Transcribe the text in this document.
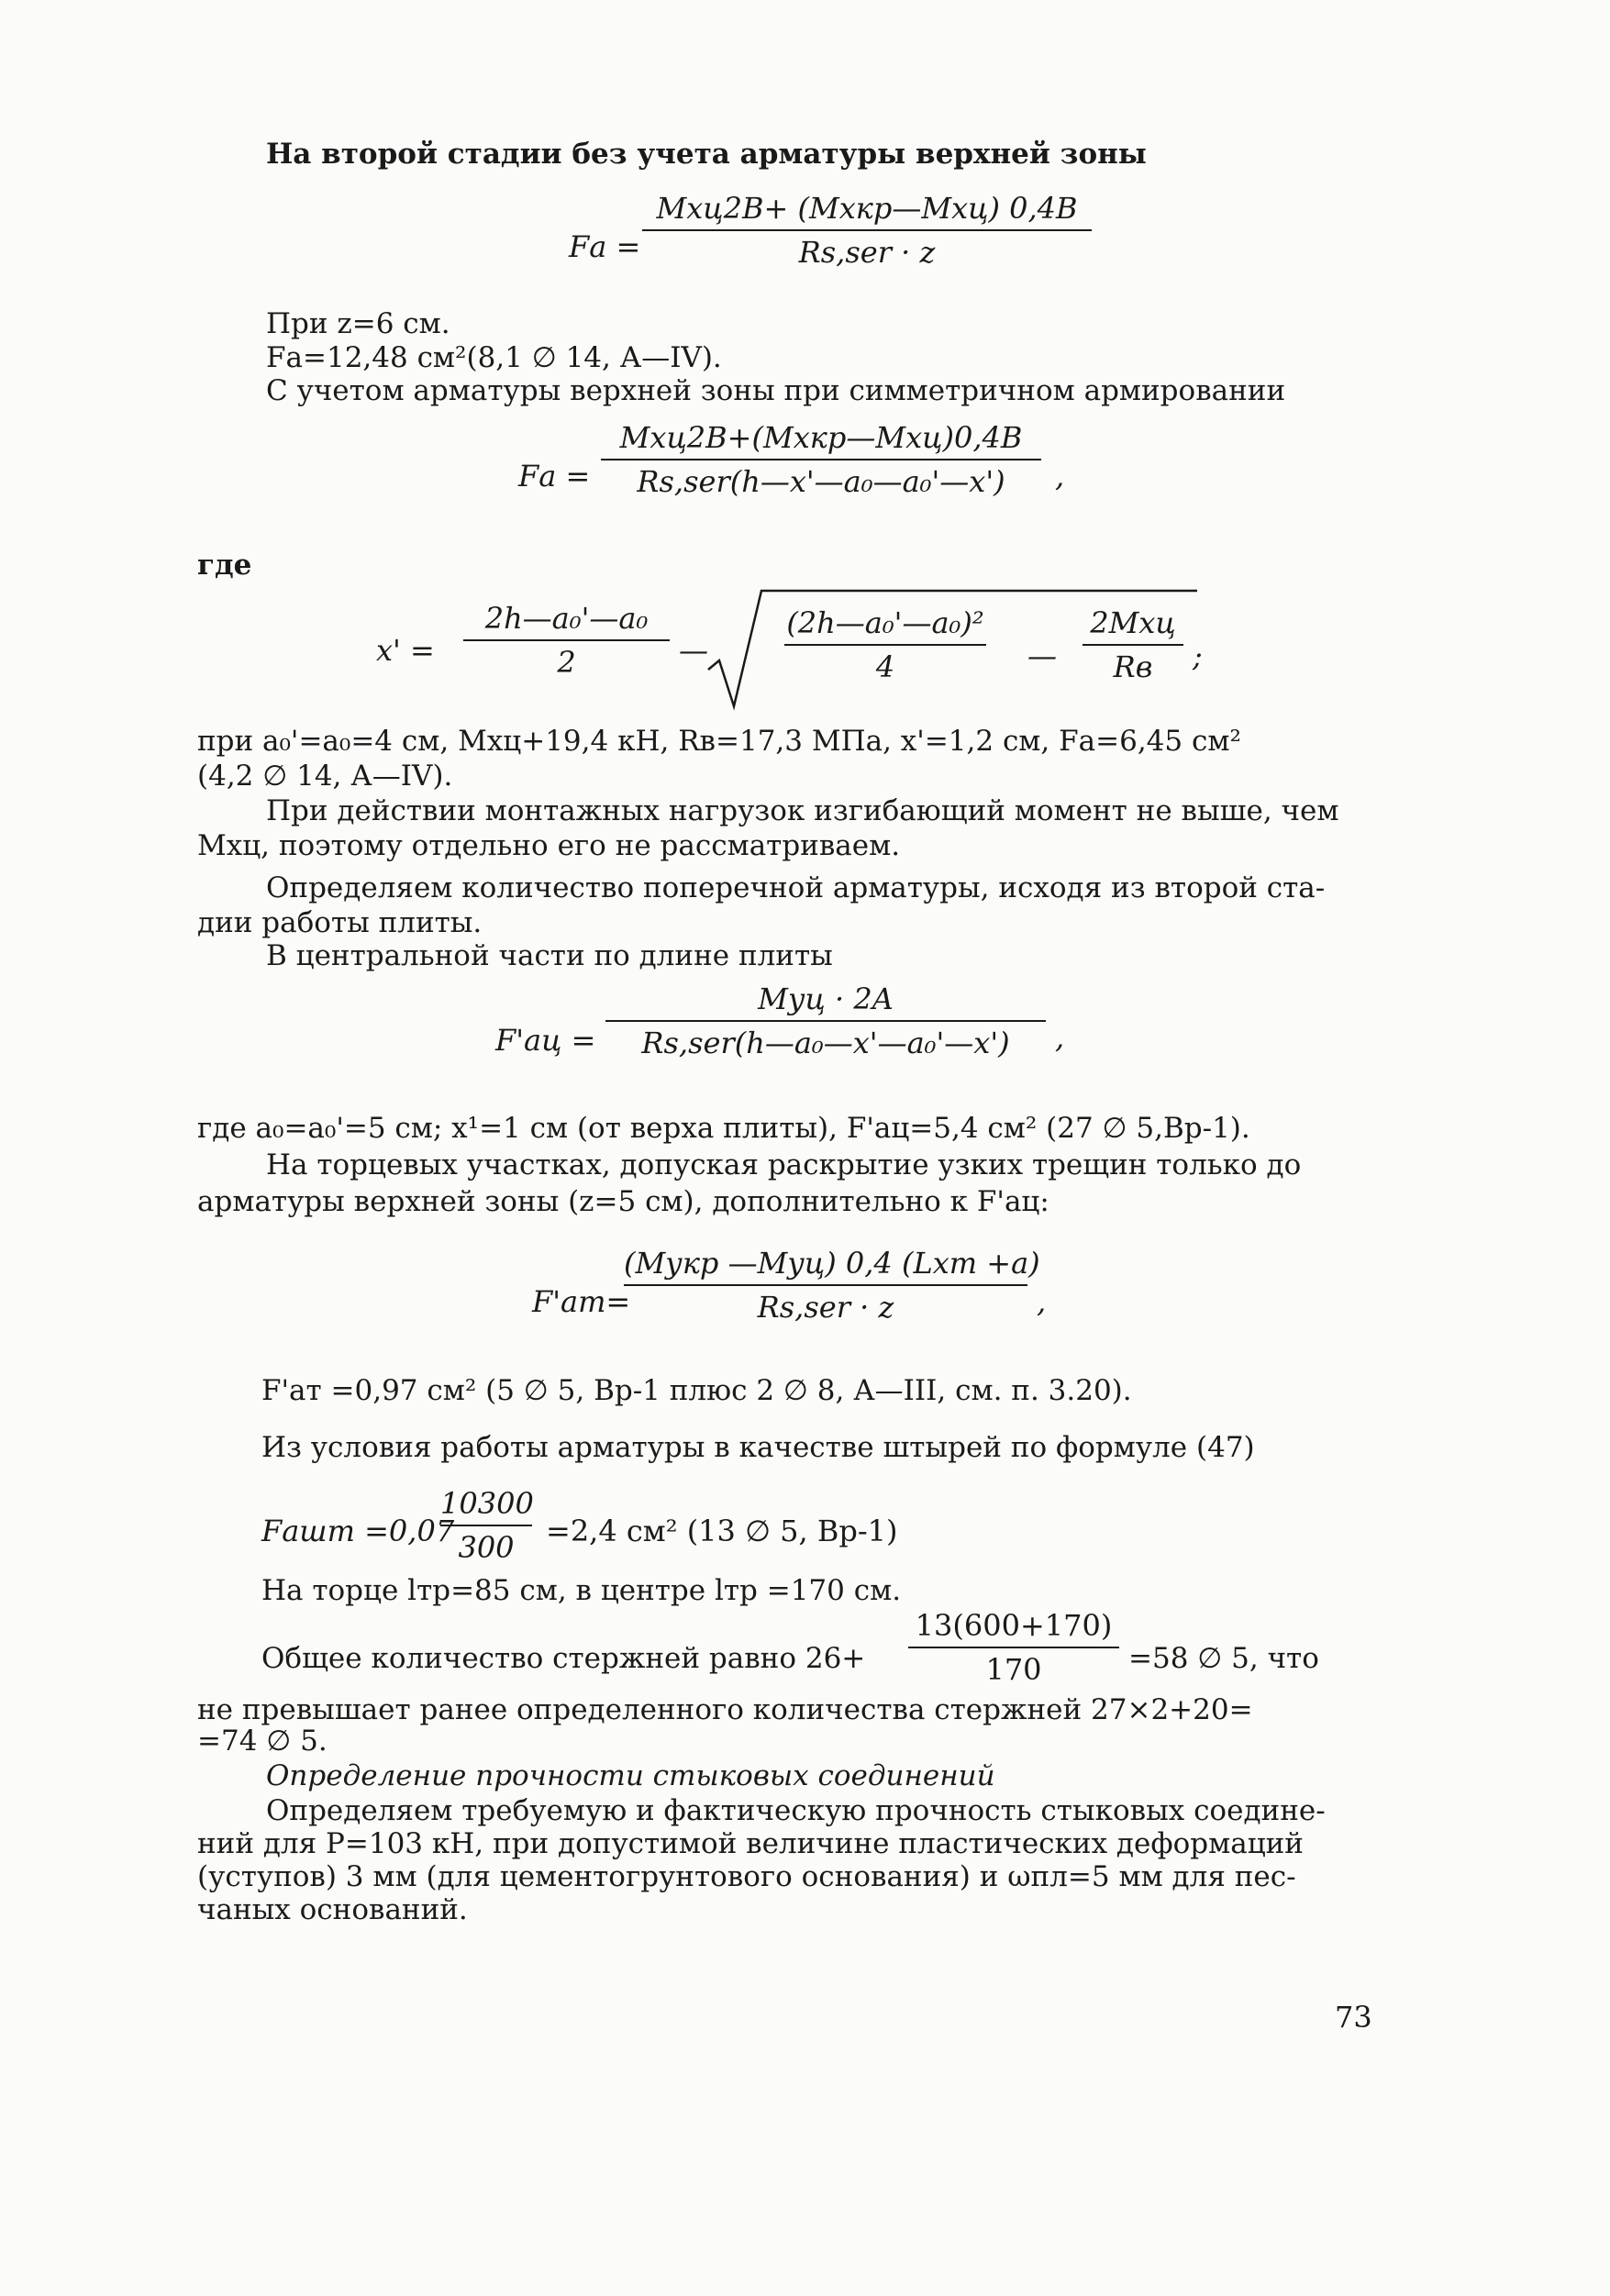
На второй стадии без учета арматуры верхней зоны
Fа =
Mхц2B+ (Mхкр—Mхц) 0,4B
Rs,ser · z
При z=6 см.
Fа=12,48 см²(8,1 ∅ 14, А—IV).
С учетом арматуры верхней зоны при симметричном армировании
Fа =
Mхц2B+(Mхкр—Mхц)0,4B
Rs,ser(h—x'—a₀—a₀'—x')	,
где
x' =
2h—a₀'—a₀
2	—
(2h—a₀'—a₀)²
4	—
2Mхц
Rв	;
при a₀'=a₀=4 см, Mхц+19,4 кН, Rв=17,3 МПа, x'=1,2 см, Fа=6,45 см²
(4,2 ∅ 14, А—IV).
При действии монтажных нагрузок изгибающий момент не выше, чем
Mхц, поэтому отдельно его не рассматриваем.
Определяем количество поперечной арматуры, исходя из второй ста-
дии работы плиты.
В центральной части по длине плиты
F'ац =
Mуц · 2A
Rs,ser(h—a₀—x'—a₀'—x')	,
где a₀=a₀'=5 см; x¹=1 см (от верха плиты), F'ац=5,4 см² (27 ∅ 5,Вр-1).
На торцевых участках, допуская раскрытие узких трещин только до
арматуры верхней зоны (z=5 см), дополнительно к F'ац:
F'ат=
(Mукр —Mуц) 0,4 (Lхт +a)
Rs,ser · z	,
F'ат =0,97 см² (5 ∅ 5, Вр-1 плюс 2 ∅ 8, А—III, см. п. 3.20).
Из условия работы арматуры в качестве штырей по формуле (47)
Fашт =0,07
10300
300	=2,4 см² (13 ∅ 5, Вр-1)
На торце lтр=85 см, в центре lтр =170 см.
Общее количество стержней равно 26+
13(600+170)
170	=58 ∅ 5, что
не превышает ранее определенного количества стержней 27×2+20=
=74 ∅ 5.
Определение прочности стыковых соединений
Определяем требуемую и фактическую прочность стыковых соедине-
ний для P=103 кН, при допустимой величине пластических деформаций
(уступов) 3 мм (для цементогрунтового основания) и ωпл=5 мм для пес-
чаных оснований.
73
